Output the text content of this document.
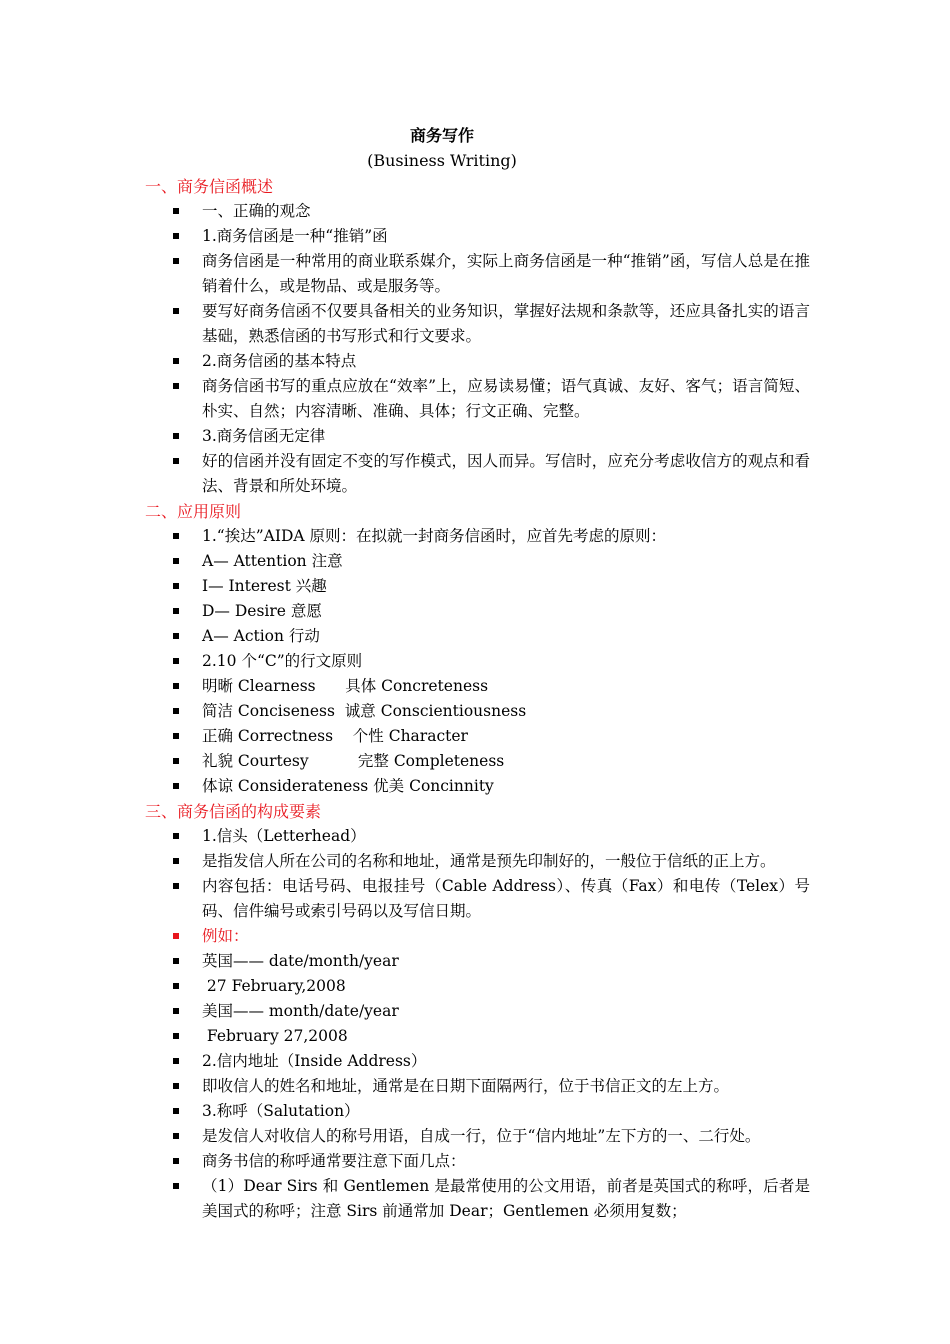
商务写作
(Business Writing)
一、商务信函概述
一、正确的观念
1.商务信函是一种“推销”函
商务信函是一种常用的商业联系媒介，实际上商务信函是一种“推销”函，写信人总是在推销着什么，或是物品、或是服务等。
要写好商务信函不仅要具备相关的业务知识，掌握好法规和条款等，还应具备扎实的语言基础，熟悉信函的书写形式和行文要求。
2.商务信函的基本特点
商务信函书写的重点应放在“效率”上，应易读易懂；语气真诚、友好、客气；语言简短、朴实、自然；内容清晰、准确、具体；行文正确、完整。
3.商务信函无定律
好的信函并没有固定不变的写作模式，因人而异。写信时，应充分考虑收信方的观点和看法、背景和所处环境。
二、应用原则
1.“挨达”AIDA 原则：在拟就一封商务信函时，应首先考虑的原则：
A— Attention 注意
I— Interest 兴趣
D— Desire 意愿
A— Action 行动
2.10 个“C”的行文原则
明晰 Clearness      具体 Concreteness
简洁 Conciseness  诚意 Conscientiousness
正确 Correctness    个性 Character
礼貌 Courtesy          完整 Completeness
体谅 Considerateness 优美 Concinnity
三、商务信函的构成要素
1.信头（Letterhead）
是指发信人所在公司的名称和地址，通常是预先印制好的，一般位于信纸的正上方。
内容包括：电话号码、电报挂号（Cable Address）、传真（Fax）和电传（Telex）号码、信件编号或索引号码以及写信日期。
例如：
英国—— date/month/year
27 February,2008
美国—— month/date/year
February 27,2008
2.信内地址（Inside Address）
即收信人的姓名和地址，通常是在日期下面隔两行，位于书信正文的左上方。
3.称呼（Salutation）
是发信人对收信人的称号用语，自成一行，位于“信内地址”左下方的一、二行处。
商务书信的称呼通常要注意下面几点：
（1）Dear Sirs 和 Gentlemen 是最常使用的公文用语，前者是英国式的称呼，后者是美国式的称呼；注意 Sirs 前通常加 Dear；Gentlemen 必须用复数；
